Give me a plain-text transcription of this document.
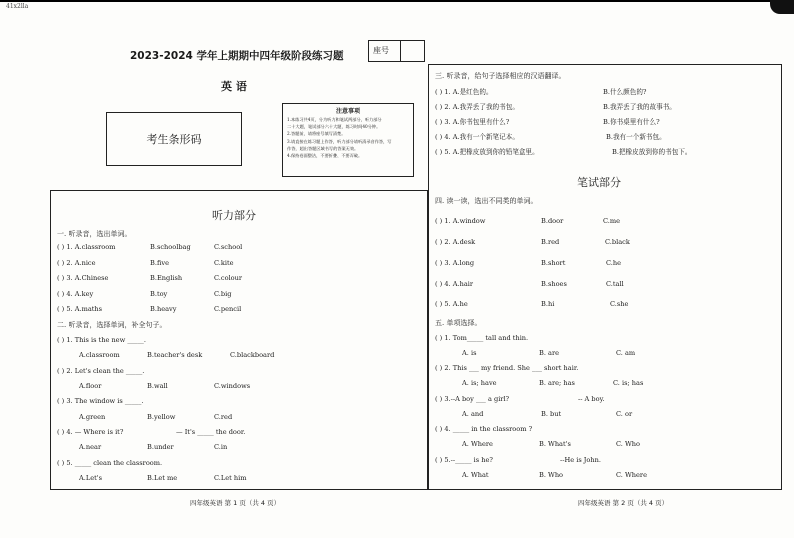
41x2lla
2023-2024 学年上期期中四年级阶段练习题	座号
英 语
考生条形码
注意事项
1.本练习共4页，分为听力和笔试两部分，听力部分
二十大题，笔试部分六十大题，练习时间40分钟。
2.答题前，请将座号填写清楚。
3.请直接在练习题上作答，听力部分请听清录音作答，写
作答，超出答题区域书写的答案无效。
4.保持卷面整洁，不要折叠、不要弄破。
听力部分
一. 听录音，选出单词。
( ) 1. A.classroom	B.schoolbag	C.school
( ) 2. A.nice	B.five	C.kite
( ) 3. A.Chinese	B.English	C.colour
( ) 4. A.key	B.toy	C.big
( ) 5. A.maths	B.heavy	C.pencil
二. 听录音，选择单词，补全句子。
( ) 1. This is the new _____.
A.classroom	B.teacher's desk	C.blackboard
( ) 2. Let's clean the _____.
A.floor	B.wall	C.windows
( ) 3. The window is _____.
A.green	B.yellow	C.red
( ) 4. — Where is it?	— It's _____ the door.
A.near	B.under	C.in
( ) 5. _____ clean the classroom.
A.Let's	B.Let me	C.Let him
四年级英语 第 1 页（共 4 页）
三. 听录音，给句子选择相应的汉语翻译。
( ) 1. A.是红色的。	B.什么颜色的?
( ) 2. A.我弄丢了我的书包。	B.我弄丢了我的故事书。
( ) 3. A.你书包里有什么?	B.你书桌里有什么?
( ) 4. A.我有一个新笔记本。	B.我有一个新书包。
( ) 5. A.把橡皮放到你的铅笔盒里。	B.把橡皮放到你的书包下。
笔试部分
四. 读一读，选出不同类的单词。
( ) 1. A.window	B.door	C.me
( ) 2. A.desk	B.red	C.black
( ) 3. A.long	B.short	C.he
( ) 4. A.hair	B.shoes	C.tall
( ) 5. A.he	B.hi	C.she
五. 单项选择。
( ) 1. Tom_____ tall and thin.
A. is	B. are	C. am
( ) 2. This ___ my friend. She ___ short hair.
A. is; have	B. are; has	C. is; has
( ) 3.--A boy ___ a girl?	-- A boy.
A. and	B. but	C. or
( ) 4. _____ in the classroom ?
A. Where	B. What's	C. Who
( ) 5.--_____ is he?	--He is John.
A. What	B. Who	C. Where
四年级英语 第 2 页（共 4 页）
